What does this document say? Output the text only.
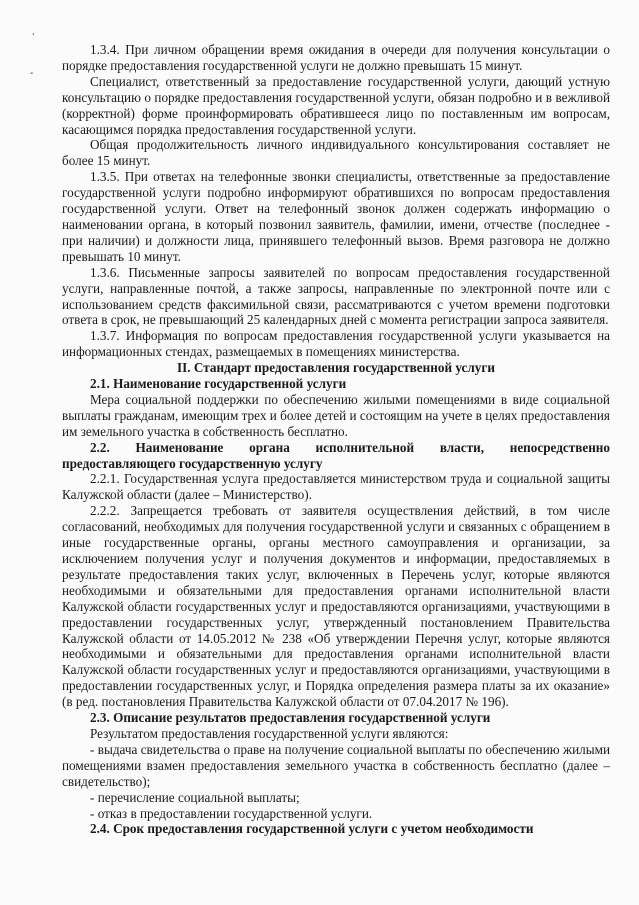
,
-

1.3.4. При личном обращении время ожидания в очереди для получения консультации о порядке предоставления государственной услуги не должно превышать 15 минут.

Специалист, ответственный за предоставление государственной услуги, дающий устную консультацию о порядке предоставления государственной услуги, обязан подробно и в вежливой (корректной) форме проинформировать обратившееся лицо по поставленным им вопросам, касающимся порядка предоставления государственной услуги.

Общая продолжительность личного индивидуального консультирования составляет не более 15 минут.

1.3.5. При ответах на телефонные звонки специалисты, ответственные за предоставление государственной услуги подробно информируют обратившихся по вопросам предоставления государственной услуги. Ответ на телефонный звонок должен содержать информацию о наименовании органа, в который позвонил заявитель, фамилии, имени, отчестве (последнее - при наличии) и должности лица, принявшего телефонный вызов. Время разговора не должно превышать 10 минут.

1.3.6. Письменные запросы заявителей по вопросам предоставления государственной услуги, направленные почтой, а также запросы, направленные по электронной почте или с использованием средств факсимильной связи, рассматриваются с учетом времени подготовки ответа в срок, не превышающий 25 календарных дней с момента регистрации запроса заявителя.

1.3.7. Информация по вопросам предоставления государственной услуги указывается на информационных стендах, размещаемых в помещениях министерства.

II. Стандарт предоставления государственной услуги

2.1. Наименование государственной услуги

Мера социальной поддержки по обеспечению жилыми помещениями в виде социальной выплаты гражданам, имеющим трех и более детей и состоящим на учете в целях предоставления им земельного участка в собственность бесплатно.

2.2. Наименование органа исполнительной власти, непосредственно предоставляющего государственную услугу

2.2.1. Государственная услуга предоставляется министерством труда и социальной защиты Калужской области (далее – Министерство).

2.2.2. Запрещается требовать от заявителя осуществления действий, в том числе согласований, необходимых для получения государственной услуги и связанных с обращением в иные государственные органы, органы местного самоуправления и организации, за исключением получения услуг и получения документов и информации, предоставляемых в результате предоставления таких услуг, включенных в Перечень услуг, которые являются необходимыми и обязательными для предоставления органами исполнительной власти Калужской области государственных услуг и предоставляются организациями, участвующими в предоставлении государственных услуг, утвержденный постановлением Правительства Калужской области от 14.05.2012 № 238 «Об утверждении Перечня услуг, которые являются необходимыми и обязательными для предоставления органами исполнительной власти Калужской области государственных услуг и предоставляются организациями, участвующими в предоставлении государственных услуг, и Порядка определения размера платы за их оказание» (в ред. постановления Правительства Калужской области от 07.04.2017 № 196).

2.3. Описание результатов предоставления государственной услуги

Результатом предоставления государственной услуги являются:

- выдача свидетельства о праве на получение социальной выплаты по обеспечению жилыми помещениями взамен предоставления земельного участка в собственность бесплатно (далее – свидетельство);

- перечисление социальной выплаты;

- отказ в предоставлении государственной услуги.

2.4. Срок предоставления государственной услуги с учетом необходимости
